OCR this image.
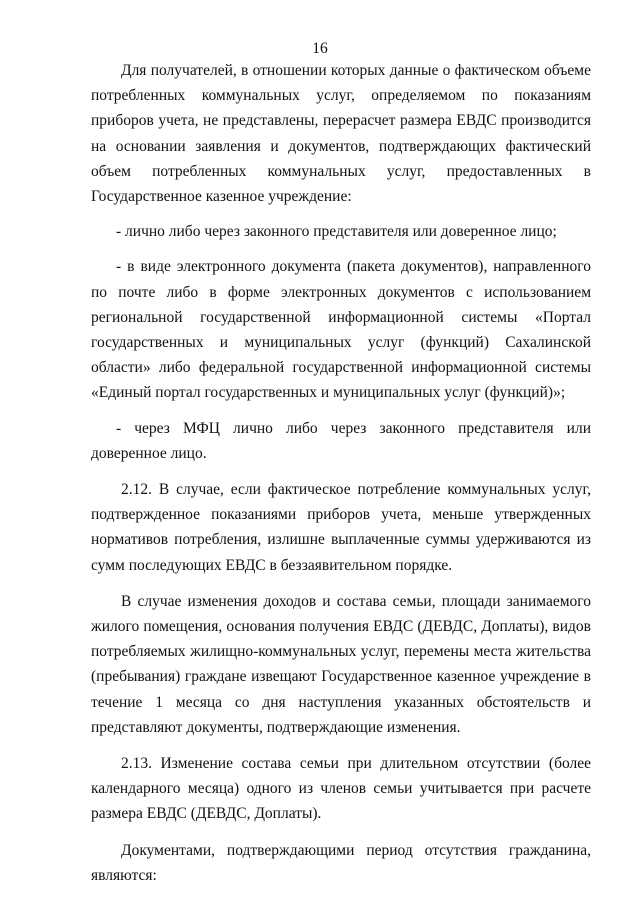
16

Для получателей, в отношении которых данные о фактическом объеме потребленных коммунальных услуг, определяемом по показаниям приборов учета, не представлены, перерасчет размера ЕВДС производится на основании заявления и документов, подтверждающих фактический объем потребленных коммунальных услуг, предоставленных в Государственное казенное учреждение:

- лично либо через законного представителя или доверенное лицо;

- в виде электронного документа (пакета документов), направленного по почте либо в форме электронных документов с использованием региональной государственной информационной системы «Портал государственных и муниципальных услуг (функций) Сахалинской области» либо федеральной государственной информационной системы «Единый портал государственных и муниципальных услуг (функций)»;

- через МФЦ лично либо через законного представителя или доверенное лицо.

2.12. В случае, если фактическое потребление коммунальных услуг, подтвержденное показаниями приборов учета, меньше утвержденных нормативов потребления, излишне выплаченные суммы удерживаются из сумм последующих ЕВДС в беззаявительном порядке.

В случае изменения доходов и состава семьи, площади занимаемого жилого помещения, основания получения ЕВДС (ДЕВДС, Доплаты), видов потребляемых жилищно-коммунальных услуг, перемены места жительства (пребывания) граждане извещают Государственное казенное учреждение в течение 1 месяца со дня наступления указанных обстоятельств и представляют документы, подтверждающие изменения.

2.13. Изменение состава семьи при длительном отсутствии (более календарного месяца) одного из членов семьи учитывается при расчете размера ЕВДС (ДЕВДС, Доплаты).

Документами, подтверждающими период отсутствия гражданина, являются:
